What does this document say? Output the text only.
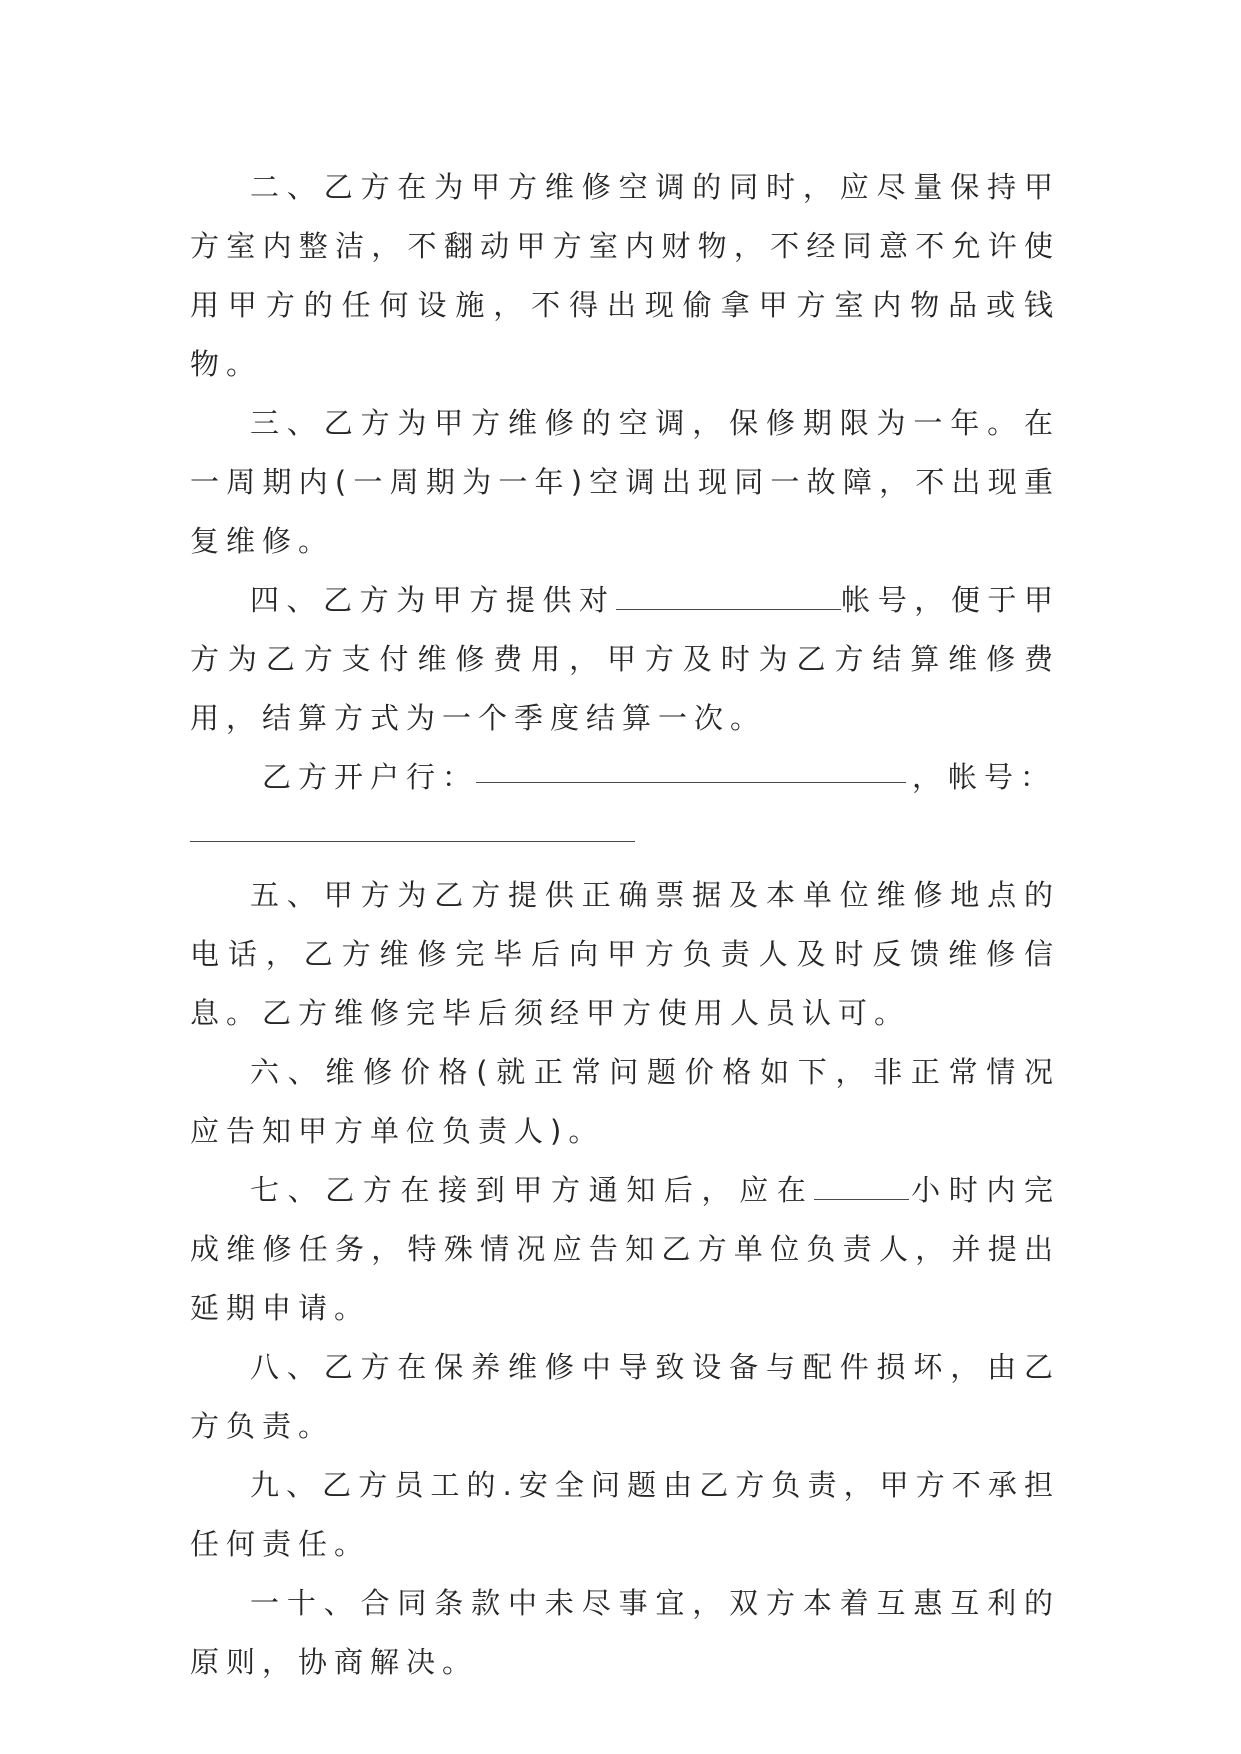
二、乙方在为甲方维修空调的同时，应尽量保持甲方室内整洁，不翻动甲方室内财物，不经同意不允许使用甲方的任何设施，不得出现偷拿甲方室内物品或钱物。

三、乙方为甲方维修的空调，保修期限为一年。在一周期内(一周期为一年)空调出现同一故障，不出现重复维修。

四、乙方为甲方提供对	帐号，便于甲方为乙方支付维修费用，甲方及时为乙方结算维修费用，结算方式为一个季度结算一次。

乙方开户行：	，帐号：

五、甲方为乙方提供正确票据及本单位维修地点的电话，乙方维修完毕后向甲方负责人及时反馈维修信息。乙方维修完毕后须经甲方使用人员认可。

六、维修价格(就正常问题价格如下，非正常情况应告知甲方单位负责人)。

七、乙方在接到甲方通知后，应在	小时内完成维修任务，特殊情况应告知乙方单位负责人，并提出延期申请。

八、乙方在保养维修中导致设备与配件损坏，由乙方负责。

九、乙方员工的.安全问题由乙方负责，甲方不承担任何责任。

一十、合同条款中未尽事宜，双方本着互惠互利的原则，协商解决。
